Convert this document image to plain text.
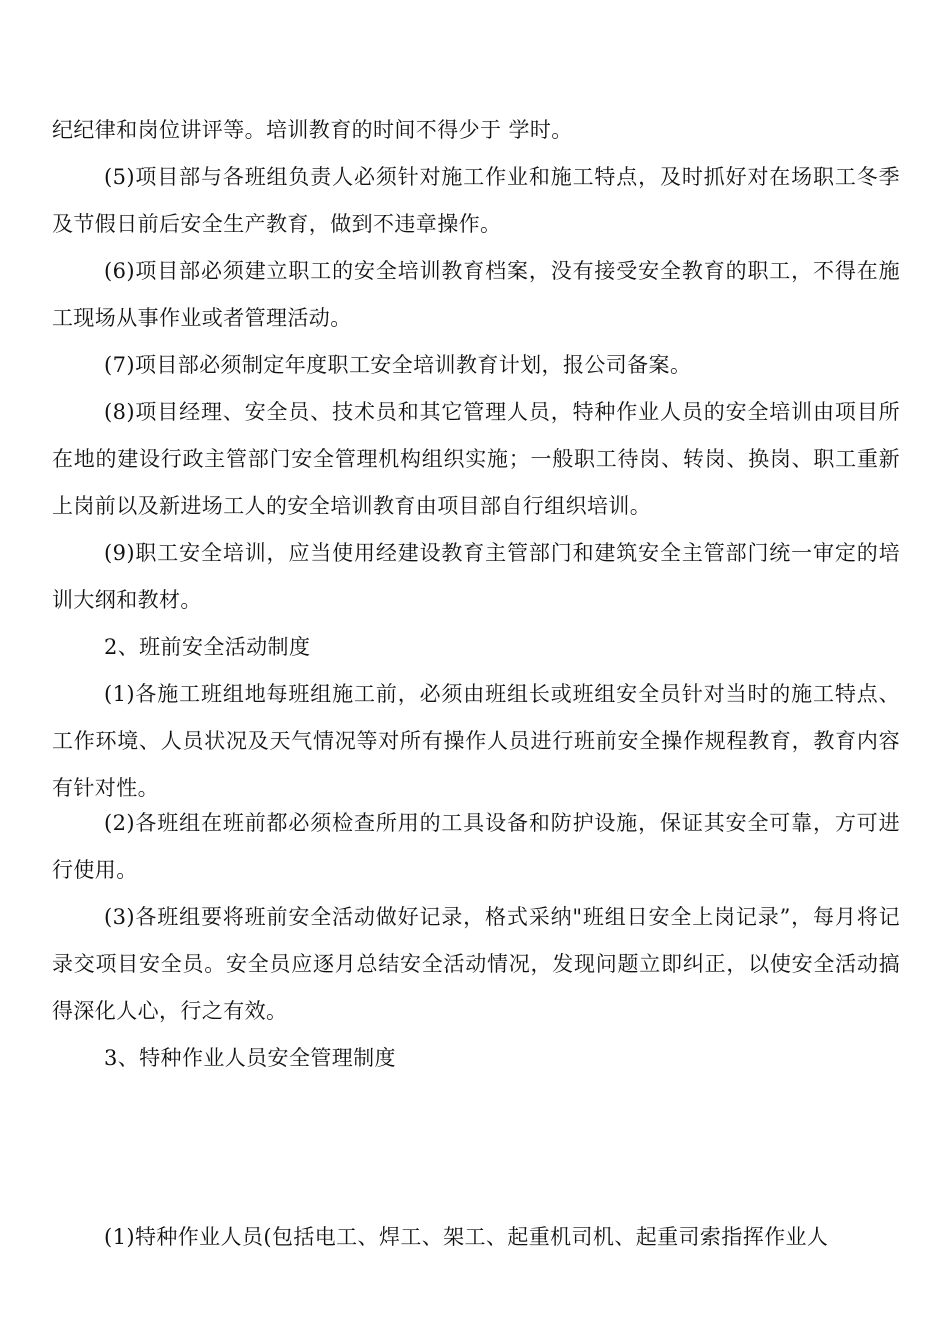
纪纪律和岗位讲评等。培训教育的时间不得少于 学时。

(5)项目部与各班组负责人必须针对施工作业和施工特点，及时抓好对在场职工冬季及节假日前后安全生产教育，做到不违章操作。

(6)项目部必须建立职工的安全培训教育档案，没有接受安全教育的职工，不得在施工现场从事作业或者管理活动。

(7)项目部必须制定年度职工安全培训教育计划，报公司备案。

(8)项目经理、安全员、技术员和其它管理人员，特种作业人员的安全培训由项目所在地的建设行政主管部门安全管理机构组织实施；一般职工待岗、转岗、换岗、职工重新上岗前以及新进场工人的安全培训教育由项目部自行组织培训。

(9)职工安全培训，应当使用经建设教育主管部门和建筑安全主管部门统一审定的培训大纲和教材。

2、班前安全活动制度

(1)各施工班组地每班组施工前，必须由班组长或班组安全员针对当时的施工特点、工作环境、人员状况及天气情况等对所有操作人员进行班前安全操作规程教育，教育内容有针对性。

(2)各班组在班前都必须检查所用的工具设备和防护设施，保证其安全可靠，方可进行使用。

(3)各班组要将班前安全活动做好记录，格式采纳"班组日安全上岗记录”，每月将记录交项目安全员。安全员应逐月总结安全活动情况，发现问题立即纠正，以使安全活动搞得深化人心，行之有效。

3、特种作业人员安全管理制度

(1)特种作业人员(包括电工、焊工、架工、起重机司机、起重司索指挥作业人
